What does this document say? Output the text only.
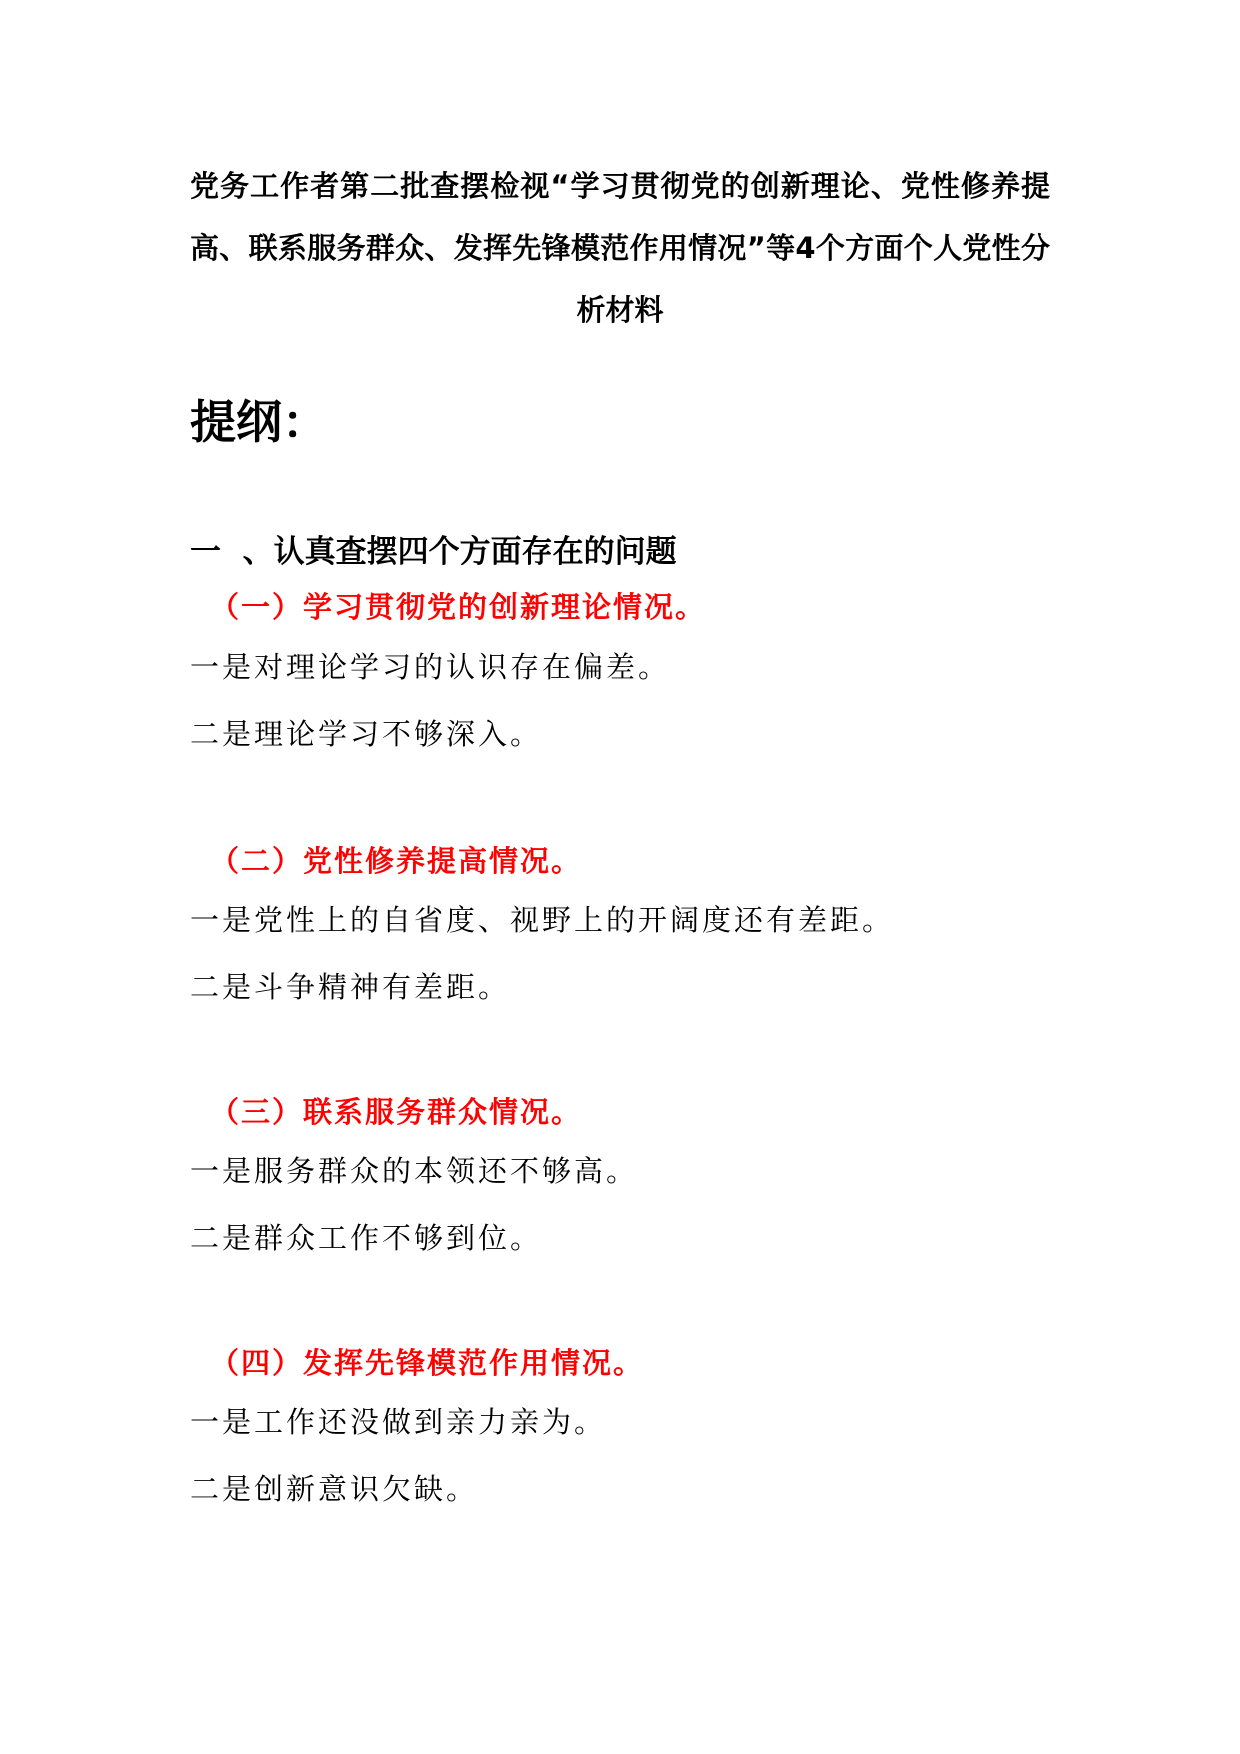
党务工作者第二批查摆检视“学习贯彻党的创新理论、党性修养提高、联系服务群众、发挥先锋模范作用情况”等4个方面个人党性分析材料
提纲：
一  、认真查摆四个方面存在的问题

（一）学习贯彻党的创新理论情况。

一是对理论学习的认识存在偏差。

二是理论学习不够深入。

（二）党性修养提高情况。

一是党性上的自省度、视野上的开阔度还有差距。

二是斗争精神有差距。

（三）联系服务群众情况。

一是服务群众的本领还不够高。

二是群众工作不够到位。

（四）发挥先锋模范作用情况。

一是工作还没做到亲力亲为。

二是创新意识欠缺。
